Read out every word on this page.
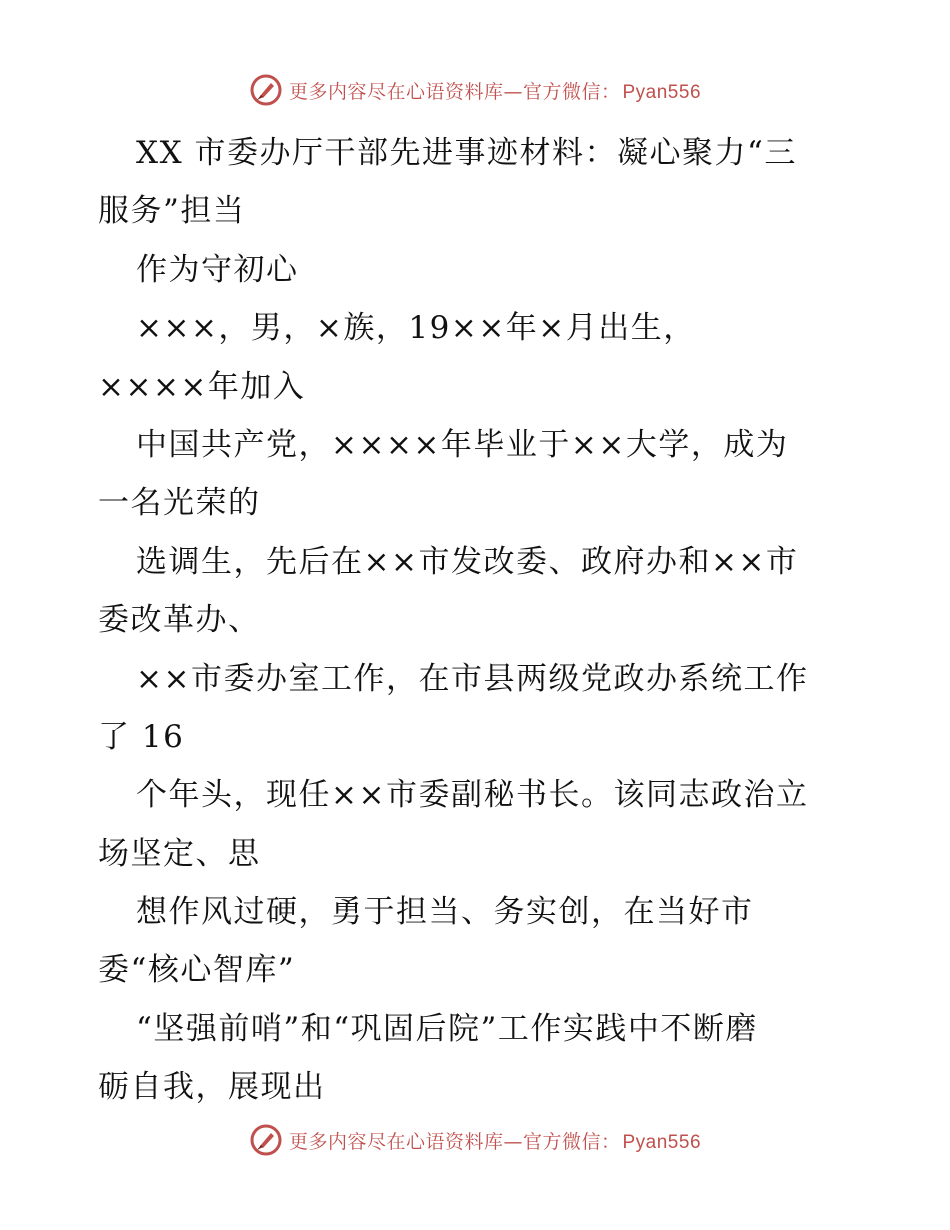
更多内容尽在心语资料库—官方微信： Pyan556
XX 市委办厅干部先进事迹材料：凝心聚力“三
服务”担当
作为守初心
×××，男，×族，19××年×月出生，
××××年加入
中国共产党，××××年毕业于××大学，成为
一名光荣的
选调生，先后在××市发改委、政府办和××市
委改革办、
××市委办室工作，在市县两级党政办系统工作
了 16
个年头，现任××市委副秘书长。该同志政治立
场坚定、思
想作风过硬，勇于担当、务实创，在当好市
委“核心智库”
“坚强前哨”和“巩固后院”工作实践中不断磨
砺自我，展现出
更多内容尽在心语资料库—官方微信： Pyan556
